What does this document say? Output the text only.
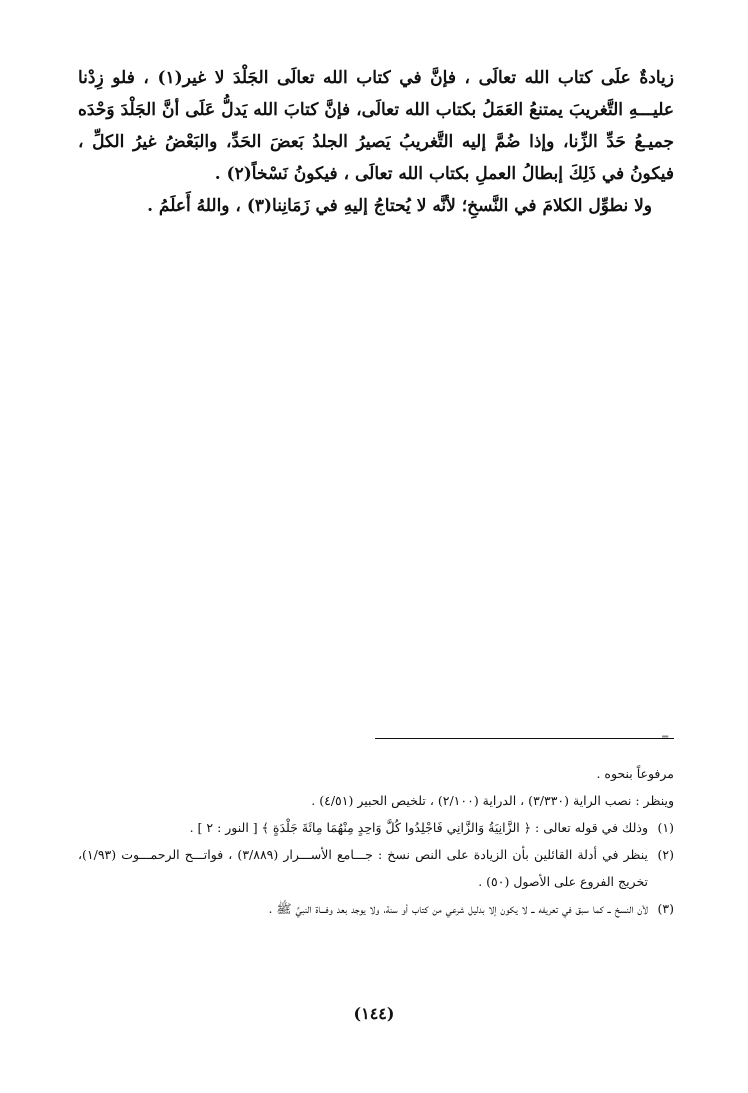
زيادةٌ علَى كتاب الله تعالَى ، فإنَّ في كتاب الله تعالَى الجَلْدَ لا غير(١) ، فلو زِدْنا عليـــهِ التَّغريبَ يمتنعُ العَمَلُ بكتاب الله تعالَى، فإنَّ كتابَ الله يَدلُّ عَلَى أنَّ الجَلْدَ وَحْدَه جميـعُ حَدِّ الزِّنا، وإذا ضُمَّ إليه التَّغريبُ يَصيرُ الجلدُ بَعضَ الحَدِّ، والبَعْضُ غيرُ الكلِّ ، فيكونُ في ذَلِكَ إبطالُ العملِ بكتاب الله تعالَى ، فيكونُ نَسْخاً(٢) .

ولا نطوِّل الكلامَ في النَّسخِ؛ لأنَّه لا يُحتاجُ إليهِ في زَمَانِنا(٣) ، واللهُ أَعلَمُ .

=
مرفوعاً بنحوه .
وينظر : نصب الراية (٣/٣٣٠) ، الدراية (٢/١٠٠) ، تلخيص الحبير (٤/٥١) .
(١)
وذلك في قوله تعالى : ﴿ الزَّانِيَةُ وَالزَّانِي فَاجْلِدُوا كُلَّ وَاحِدٍ مِنْهُمَا مِائَةَ جَلْدَةٍ ﴾ [ النور : ٢ ] .
(٢)
ينظر في أدلة القائلين بأن الزيادة على النص نسخ : جـــامع الأســـرار (٣/٨٨٩) ، فواتـــح الرحمـــوت (١/٩٣)، تخريج الفروع على الأصول (٥٠) .
(٣)
لأن النسخ ــ كما سبق في تعريفه ــ لا يكون إلا بدليل شرعي من كتاب أو سنة، ولا يوجد بعد وفـــاة النبيِّ ﷺ .
(١٤٤)
